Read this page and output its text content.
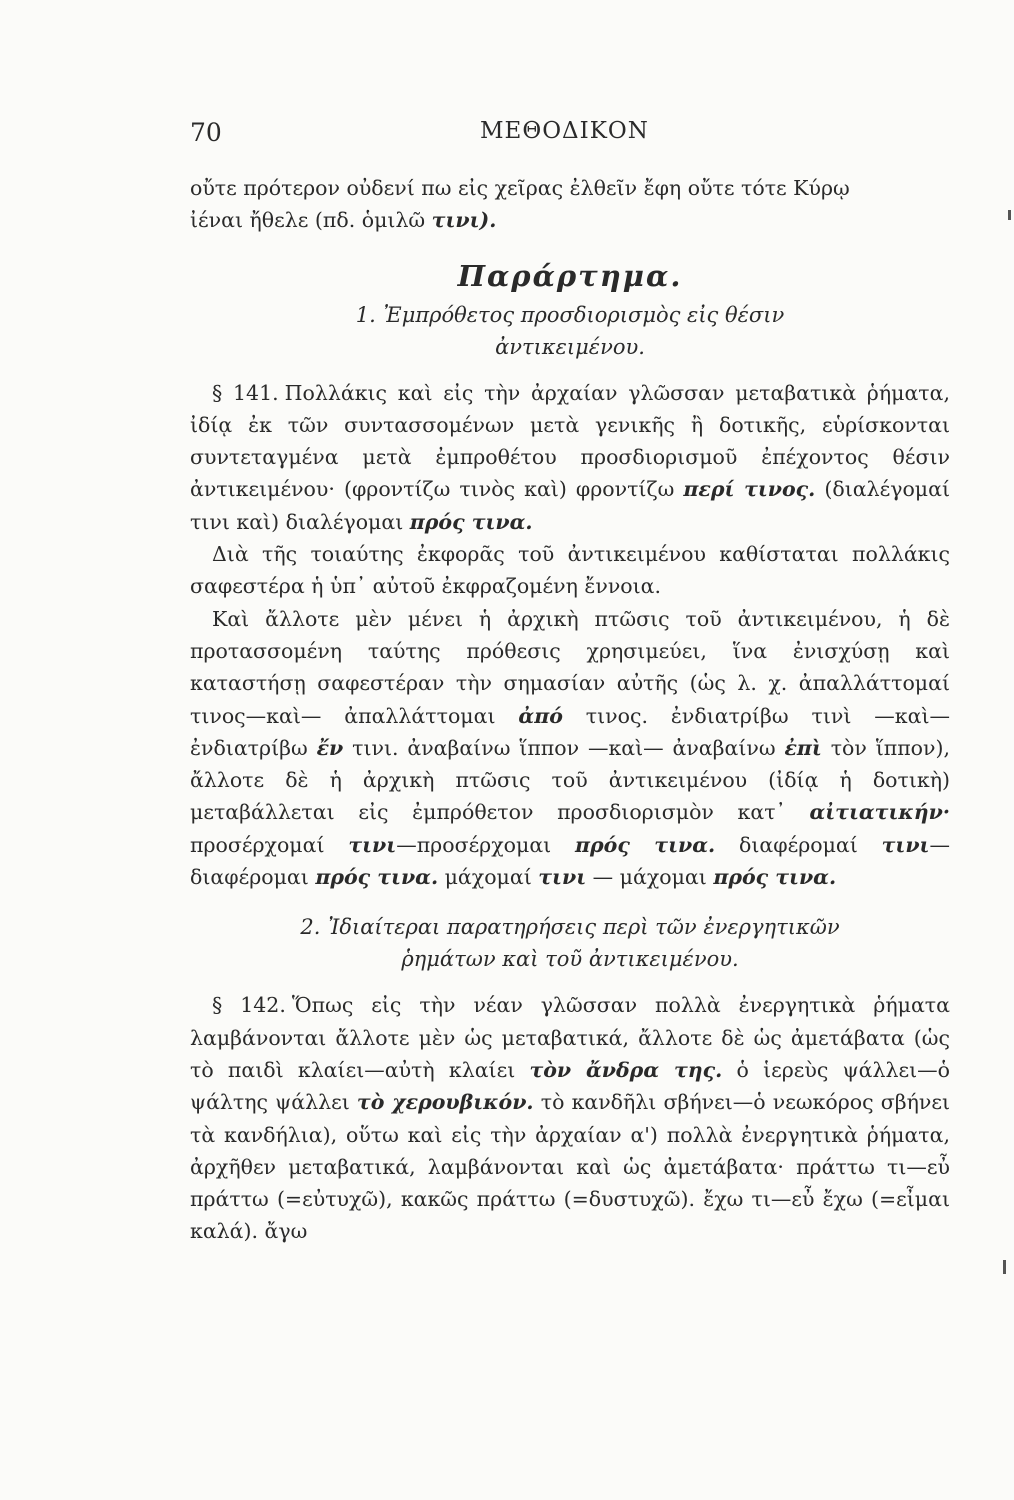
70	ΜΕΘΟΔΙΚΟΝ

οὔτε πρότερον οὐδενί πω εἰς χεῖρας ἐλθεῖν ἔφη οὔτε τότε Κύρῳ
ἰέναι ἤθελε (πδ. ὁμιλῶ τινι).

Παράρτημα.
1. Ἐμπρόθετος προσδιορισμὸς εἰς θέσιν
ἀντικειμένου.

§ 141. Πολλάκις καὶ εἰς τὴν ἀρχαίαν γλῶσσαν μεταβατικὰ ῥήματα, ἰδίᾳ ἐκ τῶν συντασσομένων μετὰ γενικῆς ἢ δοτικῆς, εὑρίσκονται συντεταγμένα μετὰ ἐμπροθέτου προσδιορισμοῦ ἐπέχοντος θέσιν ἀντικειμένου· (φροντίζω τινὸς καὶ) φροντίζω περί τινος. (διαλέγομαί τινι καὶ) διαλέγομαι πρός τινα.

Διὰ τῆς τοιαύτης ἐκφορᾶς τοῦ ἀντικειμένου καθίσταται πολλάκις σαφεστέρα ἡ ὑπ᾽ αὐτοῦ ἐκφραζομένη ἔννοια.

Καὶ ἄλλοτε μὲν μένει ἡ ἀρχικὴ πτῶσις τοῦ ἀντικειμένου, ἡ δὲ προτασσομένη ταύτης πρόθεσις χρησιμεύει, ἵνα ἐνισχύσῃ καὶ καταστήσῃ σαφεστέραν τὴν σημασίαν αὐτῆς (ὡς λ. χ. ἀπαλλάττομαί τινος—καὶ— ἀπαλλάττομαι ἀπό τινος. ἐνδιατρίβω τινὶ —καὶ— ἐνδιατρίβω ἔν τινι. ἀναβαίνω ἵππον —καὶ— ἀναβαίνω ἐπὶ τὸν ἵππον), ἄλλοτε δὲ ἡ ἀρχικὴ πτῶσις τοῦ ἀντικειμένου (ἰδίᾳ ἡ δοτικὴ) μεταβάλλεται εἰς ἐμπρόθετον προσδιορισμὸν κατ᾽ αἰτιατικήν· προσέρχομαί τινι—προσέρχομαι πρός τινα. διαφέρομαί τινι—διαφέρομαι πρός τινα. μάχομαί τινι — μάχομαι πρός τινα.

2. Ἰδιαίτεραι παρατηρήσεις περὶ τῶν ἐνεργητικῶν
ῥημάτων καὶ τοῦ ἀντικειμένου.

§ 142. Ὅπως εἰς τὴν νέαν γλῶσσαν πολλὰ ἐνεργητικὰ ῥήματα λαμβάνονται ἄλλοτε μὲν ὡς μεταβατικά, ἄλλοτε δὲ ὡς ἀμετάβατα (ὡς τὸ παιδὶ κλαίει—αὐτὴ κλαίει τὸν ἄνδρα της. ὁ ἱερεὺς ψάλλει—ὁ ψάλτης ψάλλει τὸ χερουβικόν. τὸ κανδῆλι σβήνει—ὁ νεωκόρος σβήνει τὰ κανδήλια), οὕτω καὶ εἰς τὴν ἀρχαίαν α') πολλὰ ἐνεργητικὰ ῥήματα, ἀρχῆθεν μεταβατικά, λαμβάνονται καὶ ὡς ἀμετάβατα· πράττω τι—εὖ πράττω (=εὐτυχῶ), κακῶς πράττω (=δυστυχῶ). ἔχω τι—εὖ ἔχω (=εἶμαι καλά). ἄγω
